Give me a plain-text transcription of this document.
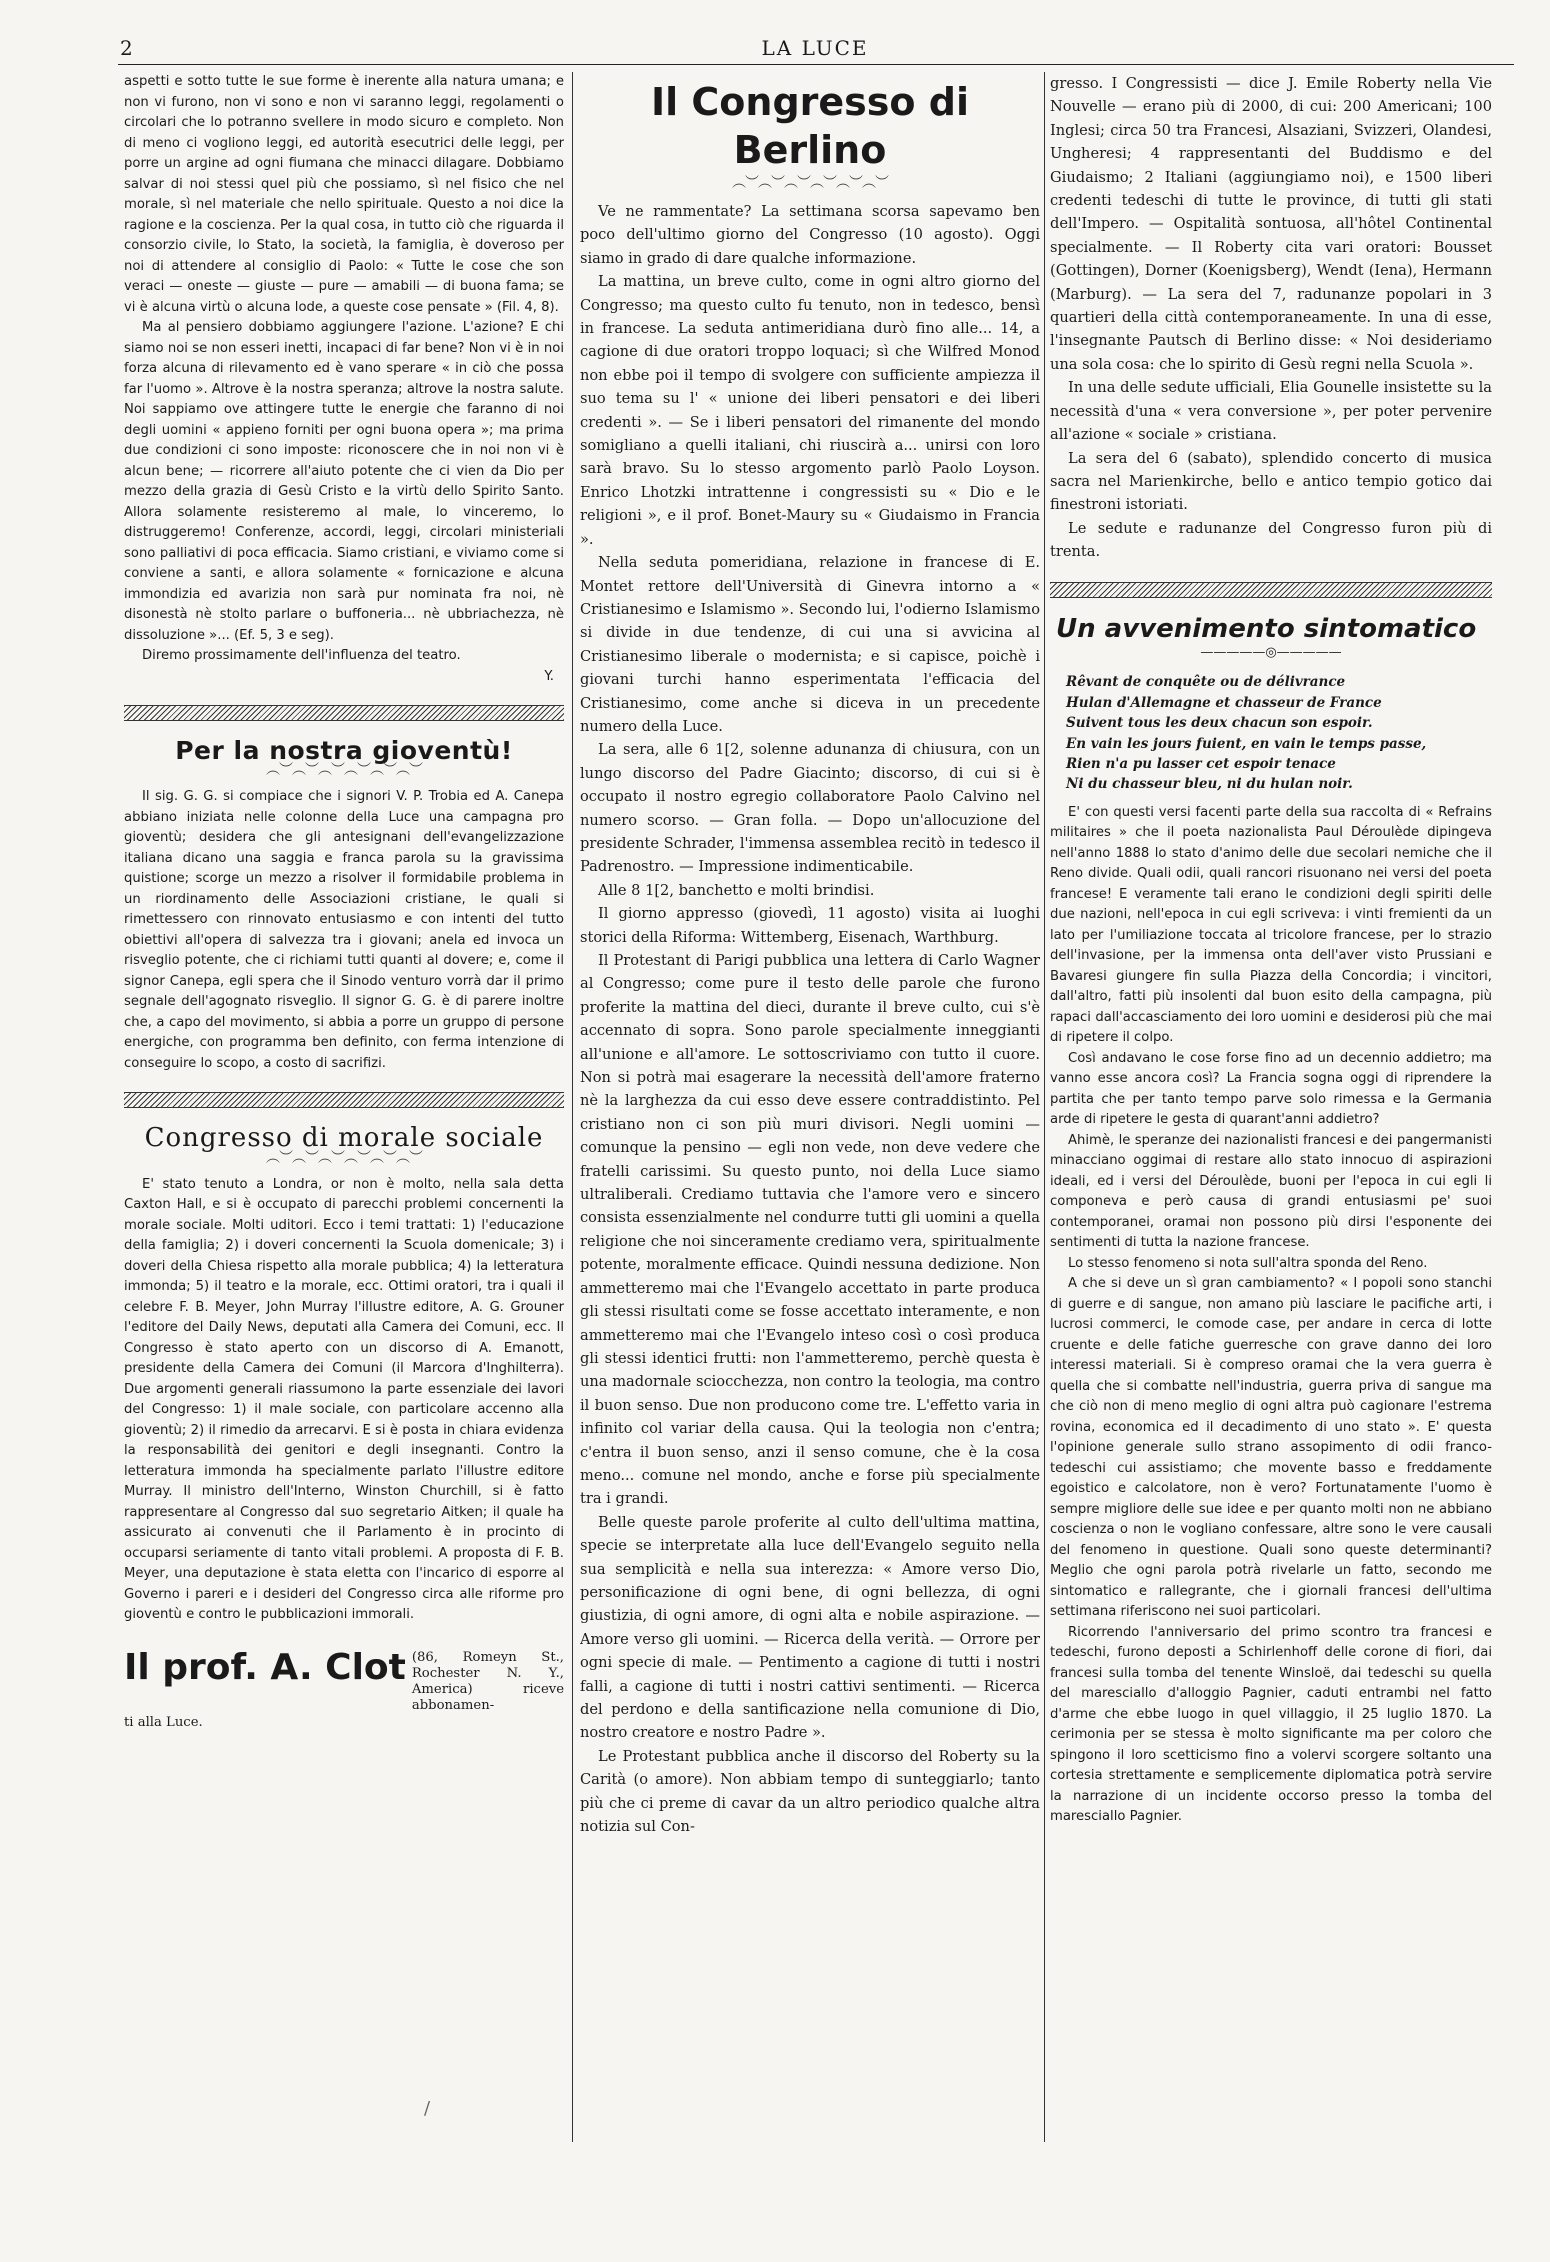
2	LA LUCE

aspetti e sotto tutte le sue forme è inerente alla natura umana; e non vi furono, non vi sono e non vi saranno leggi, regolamenti o circolari che lo potranno svellere in modo sicuro e completo. Non di meno ci vogliono leggi, ed autorità esecutrici delle leggi, per porre un argine ad ogni fiumana che minacci dilagare. Dobbiamo salvar di noi stessi quel più che possiamo, sì nel fisico che nel morale, sì nel materiale che nello spirituale. Questo a noi dice la ragione e la coscienza. Per la qual cosa, in tutto ciò che riguarda il consorzio civile, lo Stato, la società, la famiglia, è doveroso per noi di attendere al consiglio di Paolo: « Tutte le cose che son veraci — oneste — giuste — pure — amabili — di buona fama; se vi è alcuna virtù o alcuna lode, a queste cose pensate » (Fil. 4, 8).

Ma al pensiero dobbiamo aggiungere l'azione. L'azione? E chi siamo noi se non esseri inetti, incapaci di far bene? Non vi è in noi forza alcuna di rilevamento ed è vano sperare « in ciò che possa far l'uomo ». Altrove è la nostra speranza; altrove la nostra salute. Noi sappiamo ove attingere tutte le energie che faranno di noi degli uomini « appieno forniti per ogni buona opera »; ma prima due condizioni ci sono imposte: riconoscere che in noi non vi è alcun bene; — ricorrere all'aiuto potente che ci vien da Dio per mezzo della grazia di Gesù Cristo e la virtù dello Spirito Santo. Allora solamente resisteremo al male, lo vinceremo, lo distruggeremo! Conferenze, accordi, leggi, circolari ministeriali sono palliativi di poca efficacia. Siamo cristiani, e viviamo come si conviene a santi, e allora solamente « fornicazione e alcuna immondizia ed avarizia non sarà pur nominata fra noi, nè disonestà nè stolto parlare o buffoneria... nè ubbriachezza, nè dissoluzione »... (Ef. 5, 3 e seg).

Diremo prossimamente dell'influenza del teatro.

Y.

Per la nostra gioventù!
︵︶︵︶︵︶︵︶︵︶︵︶

Il sig. G. G. si compiace che i signori V. P. Trobia ed A. Canepa abbiano iniziata nelle colonne della Luce una campagna pro gioventù; desidera che gli antesignani dell'evangelizzazione italiana dicano una saggia e franca parola su la gravissima quistione; scorge un mezzo a risolver il formidabile problema in un riordinamento delle Associazioni cristiane, le quali si rimettessero con rinnovato entusiasmo e con intenti del tutto obiettivi all'opera di salvezza tra i giovani; anela ed invoca un risveglio potente, che ci richiami tutti quanti al dovere; e, come il signor Canepa, egli spera che il Sinodo venturo vorrà dar il primo segnale dell'agognato risveglio. Il signor G. G. è di parere inoltre che, a capo del movimento, si abbia a porre un gruppo di persone energiche, con programma ben definito, con ferma intenzione di conseguire lo scopo, a costo di sacrifizi.

Congresso di morale sociale
︵︶︵︶︵︶︵︶︵︶︵︶

E' stato tenuto a Londra, or non è molto, nella sala detta Caxton Hall, e si è occupato di parecchi problemi concernenti la morale sociale. Molti uditori. Ecco i temi trattati: 1) l'educazione della famiglia; 2) i doveri concernenti la Scuola domenicale; 3) i doveri della Chiesa rispetto alla morale pubblica; 4) la letteratura immonda; 5) il teatro e la morale, ecc. Ottimi oratori, tra i quali il celebre F. B. Meyer, John Murray l'illustre editore, A. G. Grouner l'editore del Daily News, deputati alla Camera dei Comuni, ecc. Il Congresso è stato aperto con un discorso di A. Emanott, presidente della Camera dei Comuni (il Marcora d'Inghilterra). Due argomenti generali riassumono la parte essenziale dei lavori del Congresso: 1) il male sociale, con particolare accenno alla gioventù; 2) il rimedio da arrecarvi. E si è posta in chiara evidenza la responsabilità dei genitori e degli insegnanti. Contro la letteratura immonda ha specialmente parlato l'illustre editore Murray. Il ministro dell'Interno, Winston Churchill, si è fatto rappresentare al Congresso dal suo segretario Aitken; il quale ha assicurato ai convenuti che il Parlamento è in procinto di occuparsi seriamente di tanto vitali problemi. A proposta di F. B. Meyer, una deputazione è stata eletta con l'incarico di esporre al Governo i pareri e i desideri del Congresso circa alle riforme pro gioventù e contro le pubblicazioni immorali.

Il prof. A. Clot (86, Romeyn St., Rochester N. Y., America) riceve abbonamen-
ti alla Luce.
Il Congresso di Berlino
︵︶︵︶︵︶︵︶︵︶︵︶

Ve ne rammentate? La settimana scorsa sapevamo ben poco dell'ultimo giorno del Congresso (10 agosto). Oggi siamo in grado di dare qualche informazione.

La mattina, un breve culto, come in ogni altro giorno del Congresso; ma questo culto fu tenuto, non in tedesco, bensì in francese. La seduta antimeridiana durò fino alle... 14, a cagione di due oratori troppo loquaci; sì che Wilfred Monod non ebbe poi il tempo di svolgere con sufficiente ampiezza il suo tema su l' « unione dei liberi pensatori e dei liberi credenti ». — Se i liberi pensatori del rimanente del mondo somigliano a quelli italiani, chi riuscirà a... unirsi con loro sarà bravo. Su lo stesso argomento parlò Paolo Loyson. Enrico Lhotzki intrattenne i congressisti su « Dio e le religioni », e il prof. Bonet-Maury su « Giudaismo in Francia ».

Nella seduta pomeridiana, relazione in francese di E. Montet rettore dell'Università di Ginevra intorno a « Cristianesimo e Islamismo ». Secondo lui, l'odierno Islamismo si divide in due tendenze, di cui una si avvicina al Cristianesimo liberale o modernista; e si capisce, poichè i giovani turchi hanno esperimentata l'efficacia del Cristianesimo, come anche si diceva in un precedente numero della Luce.

La sera, alle 6 1[2, solenne adunanza di chiusura, con un lungo discorso del Padre Giacinto; discorso, di cui si è occupato il nostro egregio collaboratore Paolo Calvino nel numero scorso. — Gran folla. — Dopo un'allocuzione del presidente Schrader, l'immensa assemblea recitò in tedesco il Padrenostro. — Impressione indimenticabile.

Alle 8 1[2, banchetto e molti brindisi.

Il giorno appresso (giovedì, 11 agosto) visita ai luoghi storici della Riforma: Wittemberg, Eisenach, Warthburg.

Il Protestant di Parigi pubblica una lettera di Carlo Wagner al Congresso; come pure il testo delle parole che furono proferite la mattina del dieci, durante il breve culto, cui s'è accennato di sopra. Sono parole specialmente inneggianti all'unione e all'amore. Le sottoscriviamo con tutto il cuore. Non si potrà mai esagerare la necessità dell'amore fraterno nè la larghezza da cui esso deve essere contraddistinto. Pel cristiano non ci son più muri divisori. Negli uomini — comunque la pensino — egli non vede, non deve vedere che fratelli carissimi. Su questo punto, noi della Luce siamo ultraliberali. Crediamo tuttavia che l'amore vero e sincero consista essenzialmente nel condurre tutti gli uomini a quella religione che noi sinceramente crediamo vera, spiritualmente potente, moralmente efficace. Quindi nessuna dedizione. Non ammetteremo mai che l'Evangelo accettato in parte produca gli stessi risultati come se fosse accettato interamente, e non ammetteremo mai che l'Evangelo inteso così o così produca gli stessi identici frutti: non l'ammetteremo, perchè questa è una madornale sciocchezza, non contro la teologia, ma contro il buon senso. Due non producono come tre. L'effetto varia in infinito col variar della causa. Qui la teologia non c'entra; c'entra il buon senso, anzi il senso comune, che è la cosa meno... comune nel mondo, anche e forse più specialmente tra i grandi.

Belle queste parole proferite al culto dell'ultima mattina, specie se interpretate alla luce dell'Evangelo seguito nella sua semplicità e nella sua interezza: « Amore verso Dio, personificazione di ogni bene, di ogni bellezza, di ogni giustizia, di ogni amore, di ogni alta e nobile aspirazione. — Amore verso gli uomini. — Ricerca della verità. — Orrore per ogni specie di male. — Pentimento a cagione di tutti i nostri falli, a cagione di tutti i nostri cattivi sentimenti. — Ricerca del perdono e della santificazione nella comunione di Dio, nostro creatore e nostro Padre ».

Le Protestant pubblica anche il discorso del Roberty su la Carità (o amore). Non abbiam tempo di sunteggiarlo; tanto più che ci preme di cavar da un altro periodico qualche altra notizia sul Con-

gresso. I Congressisti — dice J. Emile Roberty nella Vie Nouvelle — erano più di 2000, di cui: 200 Americani; 100 Inglesi; circa 50 tra Francesi, Alsaziani, Svizzeri, Olandesi, Ungheresi; 4 rappresentanti del Buddismo e del Giudaismo; 2 Italiani (aggiungiamo noi), e 1500 liberi credenti tedeschi di tutte le province, di tutti gli stati dell'Impero. — Ospitalità sontuosa, all'hôtel Continental specialmente. — Il Roberty cita vari oratori: Bousset (Gottingen), Dorner (Koenigsberg), Wendt (Iena), Hermann (Marburg). — La sera del 7, radunanze popolari in 3 quartieri della città contemporaneamente. In una di esse, l'insegnante Pautsch di Berlino disse: « Noi desideriamo una sola cosa: che lo spirito di Gesù regni nella Scuola ».

In una delle sedute ufficiali, Elia Gounelle insistette su la necessità d'una « vera conversione », per poter pervenire all'azione « sociale » cristiana.

La sera del 6 (sabato), splendido concerto di musica sacra nel Marienkirche, bello e antico tempio gotico dai finestroni istoriati.

Le sedute e radunanze del Congresso furon più di trenta.

Un avvenimento sintomatico
—————◎—————
Rêvant de conquête ou de délivrance
Hulan d'Allemagne et chasseur de France
Suivent tous les deux chacun son espoir.
En vain les jours fuient, en vain le temps passe,
Rien n'a pu lasser cet espoir tenace
Ni du chasseur bleu, ni du hulan noir.

E' con questi versi facenti parte della sua raccolta di « Refrains militaires » che il poeta nazionalista Paul Déroulède dipingeva nell'anno 1888 lo stato d'animo delle due secolari nemiche che il Reno divide. Quali odii, quali rancori risuonano nei versi del poeta francese! E veramente tali erano le condizioni degli spiriti delle due nazioni, nell'epoca in cui egli scriveva: i vinti fremienti da un lato per l'umiliazione toccata al tricolore francese, per lo strazio dell'invasione, per la immensa onta dell'aver visto Prussiani e Bavaresi giungere fin sulla Piazza della Concordia; i vincitori, dall'altro, fatti più insolenti dal buon esito della campagna, più rapaci dall'accasciamento dei loro uomini e desiderosi più che mai di ripetere il colpo.

Così andavano le cose forse fino ad un decennio addietro; ma vanno esse ancora così? La Francia sogna oggi di riprendere la partita che per tanto tempo parve solo rimessa e la Germania arde di ripetere le gesta di quarant'anni addietro?

Ahimè, le speranze dei nazionalisti francesi e dei pangermanisti minacciano oggimai di restare allo stato innocuo di aspirazioni ideali, ed i versi del Déroulède, buoni per l'epoca in cui egli li componeva e però causa di grandi entusiasmi pe' suoi contemporanei, oramai non possono più dirsi l'esponente dei sentimenti di tutta la nazione francese.

Lo stesso fenomeno si nota sull'altra sponda del Reno.

A che si deve un sì gran cambiamento? « I popoli sono stanchi di guerre e di sangue, non amano più lasciare le pacifiche arti, i lucrosi commerci, le comode case, per andare in cerca di lotte cruente e delle fatiche guerresche con grave danno dei loro interessi materiali. Si è compreso oramai che la vera guerra è quella che si combatte nell'industria, guerra priva di sangue ma che ciò non di meno meglio di ogni altra può cagionare l'estrema rovina, economica ed il decadimento di uno stato ». E' questa l'opinione generale sullo strano assopimento di odii franco-tedeschi cui assistiamo; che movente basso e freddamente egoistico e calcolatore, non è vero? Fortunatamente l'uomo è sempre migliore delle sue idee e per quanto molti non ne abbiano coscienza o non le vogliano confessare, altre sono le vere causali del fenomeno in questione. Quali sono queste determinanti? Meglio che ogni parola potrà rivelarle un fatto, secondo me sintomatico e rallegrante, che i giornali francesi dell'ultima settimana riferiscono nei suoi particolari.

Ricorrendo l'anniversario del primo scontro tra francesi e tedeschi, furono deposti a Schirlenhoff delle corone di fiori, dai francesi sulla tomba del tenente Winsloë, dai tedeschi su quella del maresciallo d'alloggio Pagnier, caduti entrambi nel fatto d'arme che ebbe luogo in quel villaggio, il 25 luglio 1870. La cerimonia per se stessa è molto significante ma per coloro che spingono il loro scetticismo fino a volervi scorgere soltanto una cortesia strettamente e semplicemente diplomatica potrà servire la narrazione di un incidente occorso presso la tomba del maresciallo Pagnier.

/
